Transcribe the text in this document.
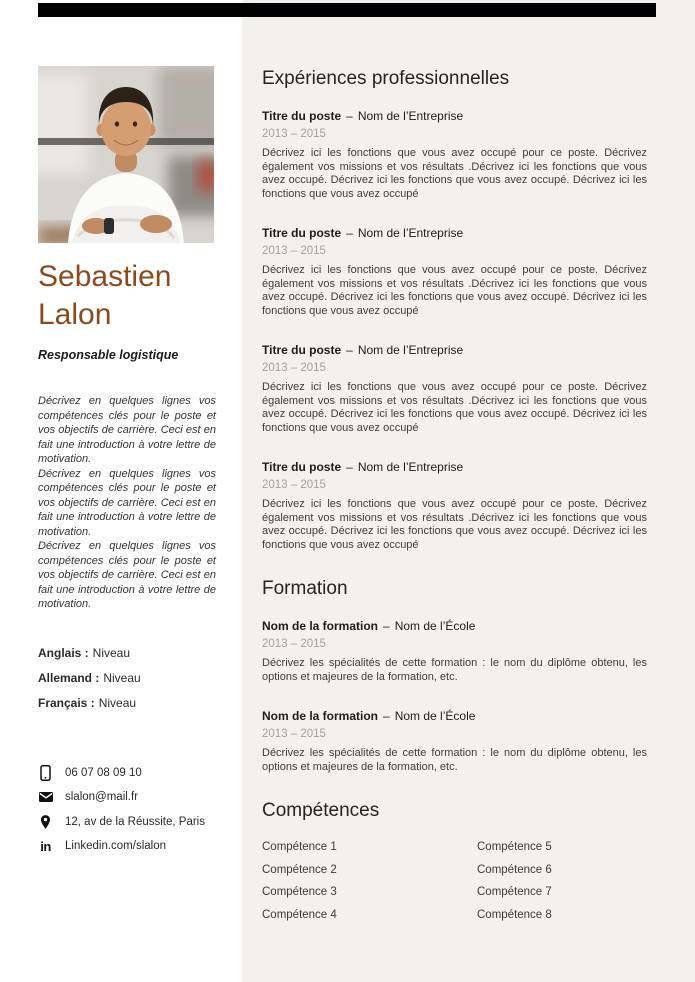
Sebastien
Lalon
Responsable logistique

Décrivez en quelques lignes vos compétences clés pour le poste et vos objectifs de carrière. Ceci est en fait une introduction à votre lettre de motivation.

Décrivez en quelques lignes vos compétences clés pour le poste et vos objectifs de carrière. Ceci est en fait une introduction à votre lettre de motivation.

Décrivez en quelques lignes vos compétences clés pour le poste et vos objectifs de carrière. Ceci est en fait une introduction à votre lettre de motivation.

Anglais : Niveau
Allemand : Niveau
Français : Niveau
06 07 08 09 10
slalon@mail.fr
12, av de la Réussite, Paris
in Linkedin.com/slalon
Expériences professionnelles
Titre du poste – Nom de l’Entreprise
2013 – 2015

Décrivez ici les fonctions que vous avez occupé pour ce poste. Décrivez également vos missions et vos résultats .Décrivez ici les fonctions que vous avez occupé. Décrivez ici les fonctions que vous avez occupé. Décrivez ici les fonctions que vous avez occupé

Titre du poste – Nom de l’Entreprise
2013 – 2015

Décrivez ici les fonctions que vous avez occupé pour ce poste. Décrivez également vos missions et vos résultats .Décrivez ici les fonctions que vous avez occupé. Décrivez ici les fonctions que vous avez occupé. Décrivez ici les fonctions que vous avez occupé

Titre du poste – Nom de l’Entreprise
2013 – 2015

Décrivez ici les fonctions que vous avez occupé pour ce poste. Décrivez également vos missions et vos résultats .Décrivez ici les fonctions que vous avez occupé. Décrivez ici les fonctions que vous avez occupé. Décrivez ici les fonctions que vous avez occupé

Titre du poste – Nom de l’Entreprise
2013 – 2015

Décrivez ici les fonctions que vous avez occupé pour ce poste. Décrivez également vos missions et vos résultats .Décrivez ici les fonctions que vous avez occupé. Décrivez ici les fonctions que vous avez occupé. Décrivez ici les fonctions que vous avez occupé

Formation
Nom de la formation – Nom de l’École
2013 – 2015

Décrivez les spécialités de cette formation : le nom du diplôme obtenu, les options et majeures de la formation, etc.

Nom de la formation – Nom de l’École
2013 – 2015

Décrivez les spécialités de cette formation : le nom du diplôme obtenu, les options et majeures de la formation, etc.

Compétences
Compétence 1
Compétence 2
Compétence 3
Compétence 4
Compétence 5
Compétence 6
Compétence 7
Compétence 8
